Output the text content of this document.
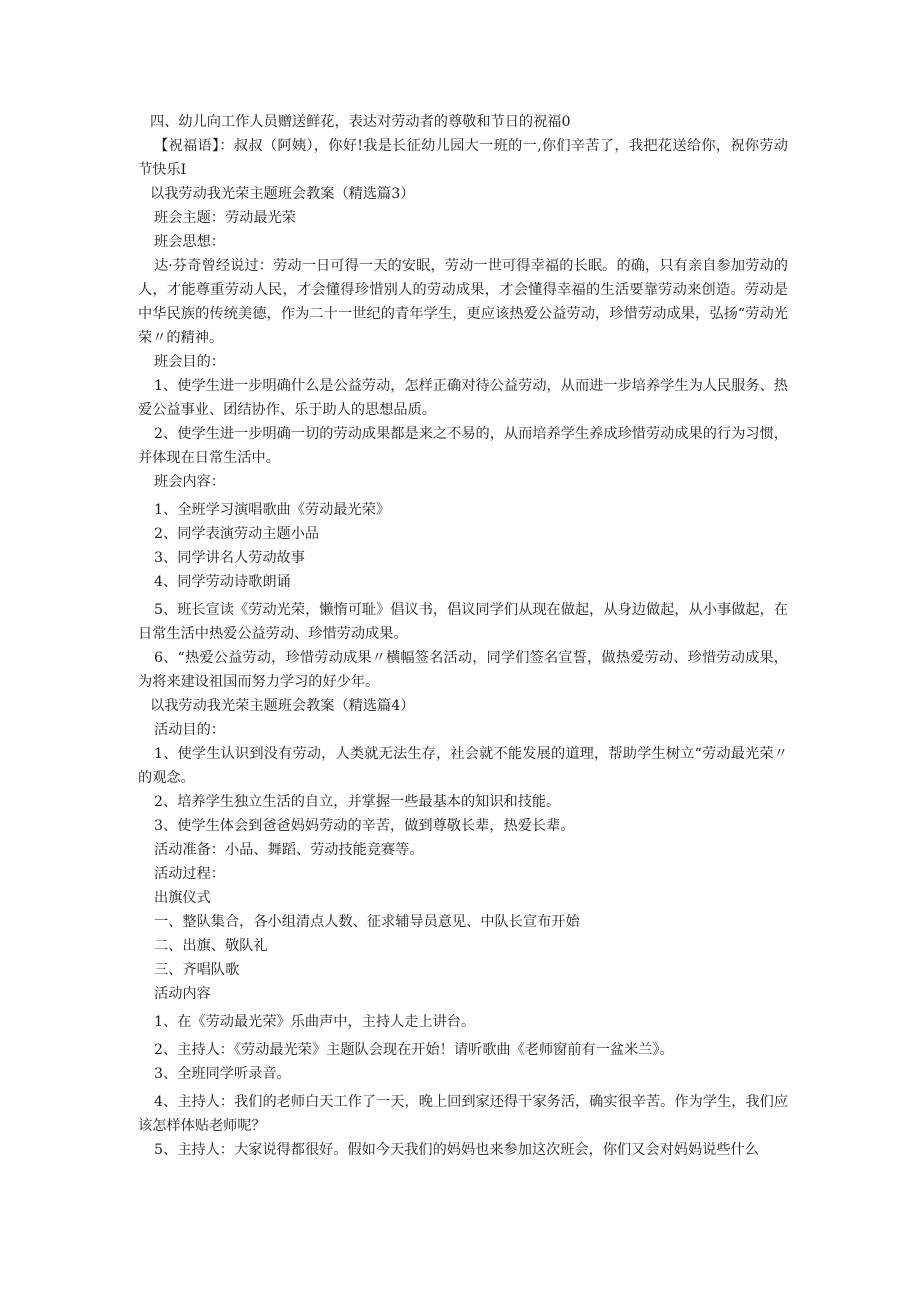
四、幼儿向工作人员赠送鲜花，表达对劳动者的尊敬和节日的祝福0

【祝福语】：叔叔（阿姨），你好!我是长征幼儿园大一班的一,你们辛苦了，我把花送给你，祝你劳动节快乐I

以我劳动我光荣主题班会教案（精选篇3）

班会主题：劳动最光荣

班会思想：

达·芬奇曾经说过：劳动一日可得一天的安眠，劳动一世可得幸福的长眠。的确，只有亲自参加劳动的人，才能尊重劳动人民，才会懂得珍惜别人的劳动成果，才会懂得幸福的生活要靠劳动来创造。劳动是中华民族的传统美德，作为二十一世纪的青年学生，更应该热爱公益劳动，珍惜劳动成果，弘扬“劳动光荣〃的精神。

班会目的：

1、使学生进一步明确什么是公益劳动，怎样正确对待公益劳动，从而进一步培养学生为人民服务、热爱公益事业、团结协作、乐于助人的思想品质。

2、使学生进一步明确一切的劳动成果都是来之不易的，从而培养学生养成珍惜劳动成果的行为习惯，并体现在日常生活中。

班会内容：

1、全班学习演唱歌曲《劳动最光荣》

2、同学表演劳动主题小品

3、同学讲名人劳动故事

4、同学劳动诗歌朗诵

5、班长宣读《劳动光荣，懒惰可耻》倡议书，倡议同学们从现在做起，从身边做起，从小事做起，在日常生活中热爱公益劳动、珍惜劳动成果。

6、“热爱公益劳动，珍惜劳动成果〃横幅签名活动，同学们签名宣誓，做热爱劳动、珍惜劳动成果，为将来建设祖国而努力学习的好少年。

以我劳动我光荣主题班会教案（精选篇4）

活动目的：

1、使学生认识到没有劳动，人类就无法生存，社会就不能发展的道理，帮助学生树立“劳动最光荣〃的观念。

2、培养学生独立生活的自立，并掌握一些最基本的知识和技能。

3、使学生体会到爸爸妈妈劳动的辛苦，做到尊敬长辈，热爱长辈。

活动准备：小品、舞蹈、劳动技能竞赛等。

活动过程：

出旗仪式

一、整队集合，各小组清点人数、征求辅导员意见、中队长宣布开始

二、出旗、敬队礼

三、齐唱队歌

活动内容

1、在《劳动最光荣》乐曲声中，主持人走上讲台。

2、主持人：《劳动最光荣》主题队会现在开始！请听歌曲《老师窗前有一盆米兰》。

3、全班同学听录音。

4、主持人：我们的老师白天工作了一天，晚上回到家还得干家务活，确实很辛苦。作为学生，我们应该怎样体贴老师呢？

5、主持人：大家说得都很好。假如今天我们的妈妈也来参加这次班会，你们又会对妈妈说些什么
